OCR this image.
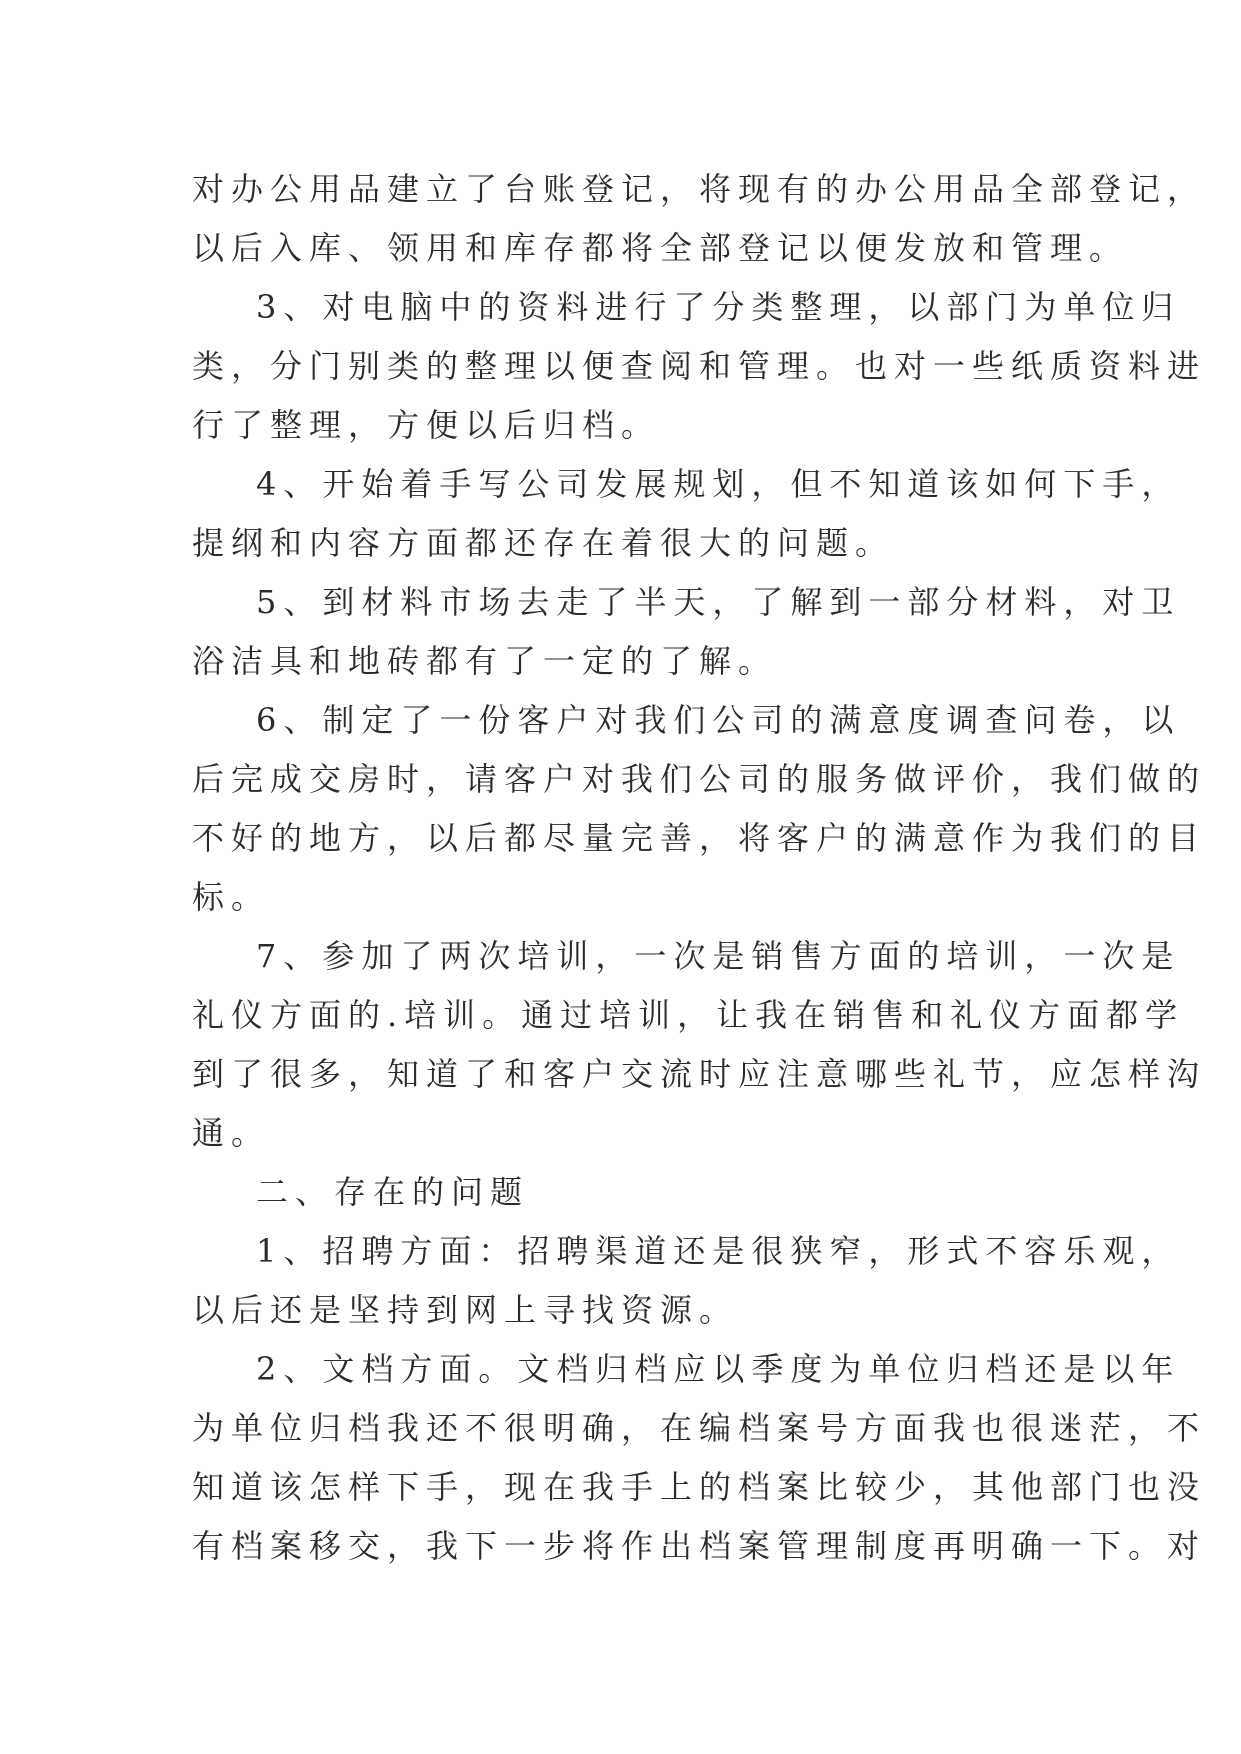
对办公用品建立了台账登记，将现有的办公用品全部登记，
以后入库、领用和库存都将全部登记以便发放和管理。
3、对电脑中的资料进行了分类整理，以部门为单位归
类，分门别类的整理以便查阅和管理。也对一些纸质资料进
行了整理，方便以后归档。
4、开始着手写公司发展规划，但不知道该如何下手，
提纲和内容方面都还存在着很大的问题。
5、到材料市场去走了半天，了解到一部分材料，对卫
浴洁具和地砖都有了一定的了解。
6、制定了一份客户对我们公司的满意度调查问卷，以
后完成交房时，请客户对我们公司的服务做评价，我们做的
不好的地方，以后都尽量完善，将客户的满意作为我们的目
标。
7、参加了两次培训，一次是销售方面的培训，一次是
礼仪方面的.培训。通过培训，让我在销售和礼仪方面都学
到了很多，知道了和客户交流时应注意哪些礼节，应怎样沟
通。
二、存在的问题
1、招聘方面：招聘渠道还是很狭窄，形式不容乐观，
以后还是坚持到网上寻找资源。
2、文档方面。文档归档应以季度为单位归档还是以年
为单位归档我还不很明确，在编档案号方面我也很迷茫，不
知道该怎样下手，现在我手上的档案比较少，其他部门也没
有档案移交，我下一步将作出档案管理制度再明确一下。对
